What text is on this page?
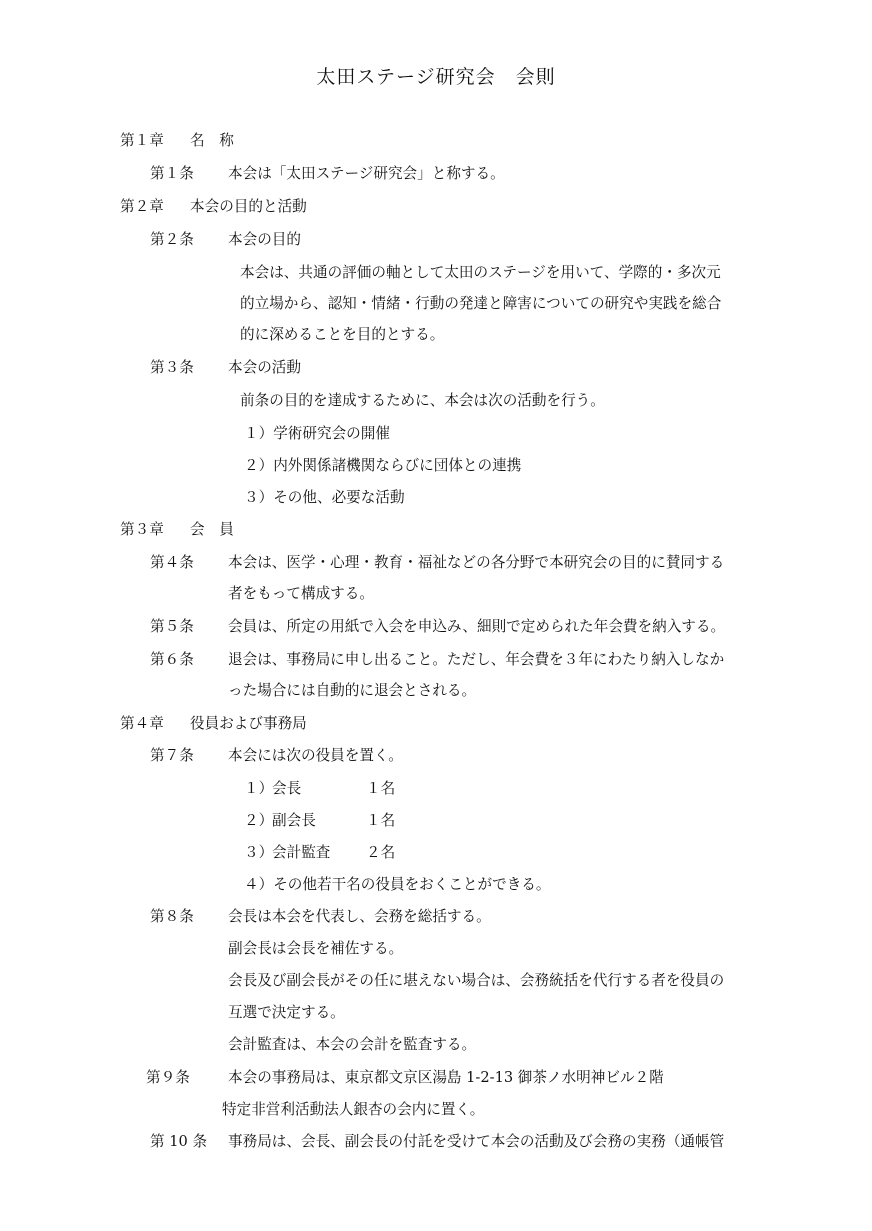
太田ステージ研究会　会則
第１章 名　称
第１条 本会は「太田ステージ研究会」と称する。
第２章 本会の目的と活動
第２条 本会の目的
本会は、共通の評価の軸として太田のステージを用いて、学際的・多次元
的立場から、認知・情緒・行動の発達と障害についての研究や実践を総合
的に深めることを目的とする。
第３条 本会の活動
前条の目的を達成するために、本会は次の活動を行う。
１）学術研究会の開催
２）内外関係諸機関ならびに団体との連携
３）その他、必要な活動
第３章 会　員
第４条 本会は、医学・心理・教育・福祉などの各分野で本研究会の目的に賛同する
者をもって構成する。
第５条 会員は、所定の用紙で入会を申込み、細則で定められた年会費を納入する。
第６条 退会は、事務局に申し出ること。ただし、年会費を３年にわたり納入しなか
った場合には自動的に退会とされる。
第４章 役員および事務局
第７条 本会には次の役員を置く。
１）
会長	１名
２）
副会長	１名
３）
会計監査 ２名
４）その他若干名の役員をおくことができる。
第８条 会長は本会を代表し、会務を総括する。
副会長は会長を補佐する。
会長及び副会長がその任に堪えない場合は、会務統括を代行する者を役員の
互選で決定する。
会計監査は、本会の会計を監査する。
第９条	本会の事務局は、東京都文京区湯島 1-2-13 御茶ノ水明神ビル２階
特定非営利活動法人銀杏の会内に置く。
第 10 条 事務局は、会長、副会長の付託を受けて本会の活動及び会務の実務（通帳管
